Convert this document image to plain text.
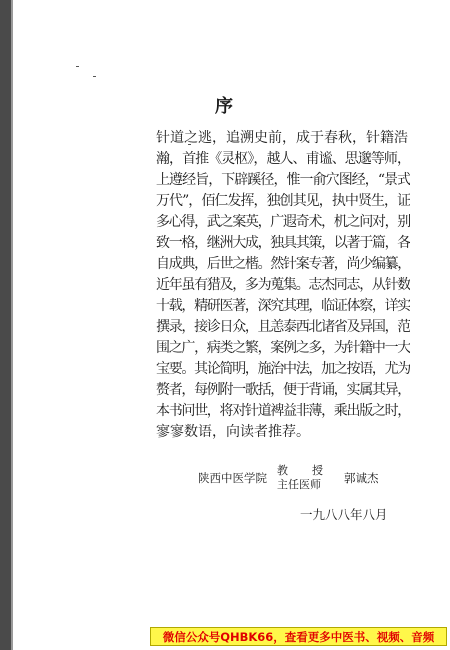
序
针道之逃，追溯史前，成于春秋，针籍浩
瀚，首推《灵枢》，越人、甫谧、思邈等师，
上遵经旨，下辟蹊径，惟一俞穴图经，“景式
万代”，佰仁发挥，独创其见，执中贤生，证
多心得，武之案英，广遐奇术，机之问对，别
致一格，继洲大成，独具其策，以著于篇，各
自成典，后世之楷。然针案专著，尚少编纂，
近年虽有猎及，多为蒐集。志杰同志，从针数
十载，精研医著，深究其理，临证体察，详实
撰录，接诊日众，且恙泰西北诸省及异国，范
围之广，病类之繁，案例之多，为针籍中一大
宝要。其论简明，施治中法，加之按语，尤为
赘者，每例附一歌括，便于背诵，实属其异，
本书问世，将对针道裨益非薄，乘出版之时，
寥寥数语，向读者推荐。
陕西中医学院
教授
主任医师 郭诚杰
一九八八年八月
微信公众号QHBK66，查看更多中医书、视频、音频
